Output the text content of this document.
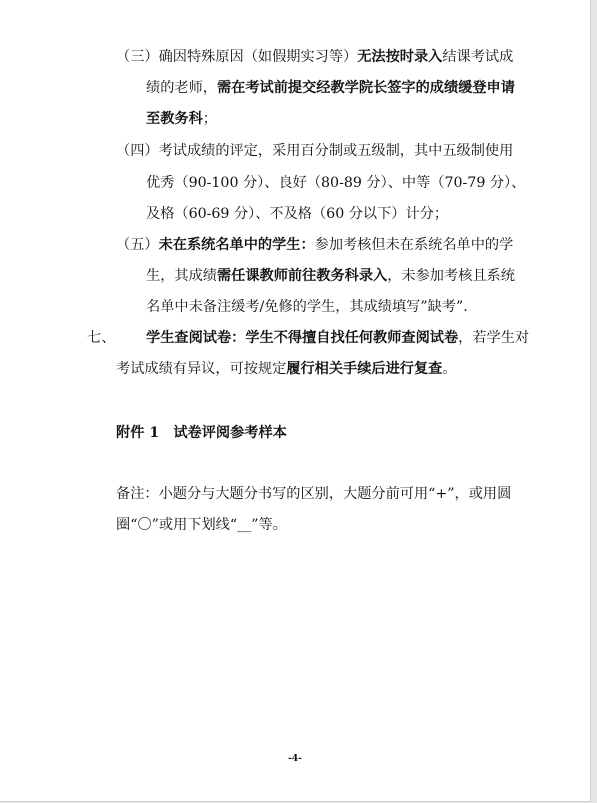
（三）确因特殊原因（如假期实习等）无法按时录入结课考试成
绩的老师，需在考试前提交经教学院长签字的成绩缓登申请
至教务科；
（四）考试成绩的评定，采用百分制或五级制，其中五级制使用
优秀（90-100 分）、良好（80-89 分）、中等（70-79 分）、
及格（60-69 分）、不及格（60 分以下）计分；
（五）未在系统名单中的学生：参加考核但未在系统名单中的学
生，其成绩需任课教师前往教务科录入，未参加考核且系统
名单中未备注缓考/免修的学生，其成绩填写”缺考”.
七、 学生查阅试卷：学生不得擅自找任何教师查阅试卷，若学生对
考试成绩有异议，可按规定履行相关手续后进行复查。
附件 1　试卷评阅参考样本
备注：小题分与大题分书写的区别，大题分前可用“+”，或用圆
圈“〇”或用下划线“__”等。
-4-
